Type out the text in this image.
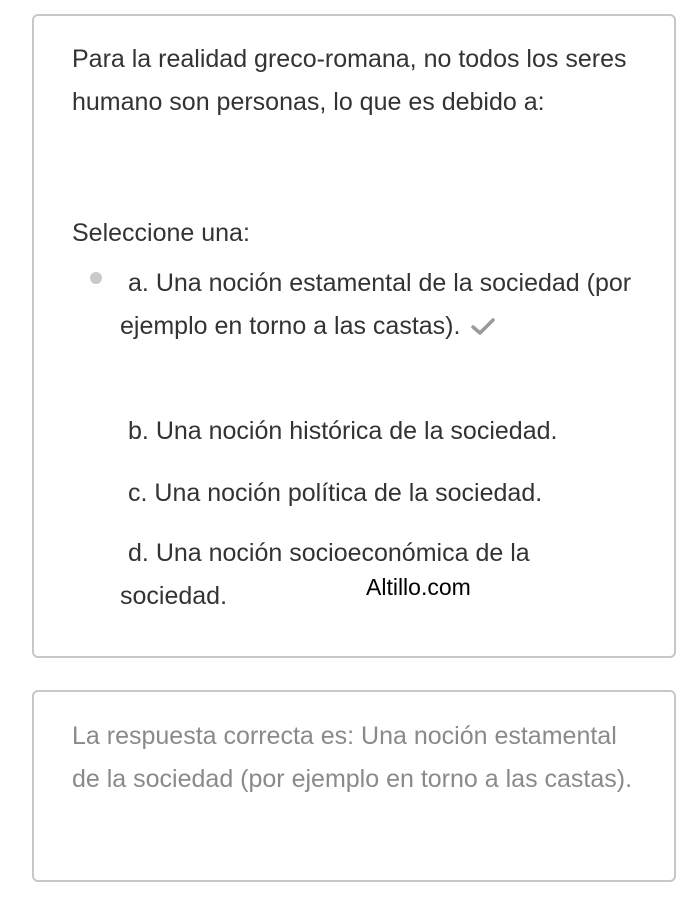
Para la realidad greco-romana, no todos los seres humano son personas, lo que es debido a:
Seleccione una:
a. Una noción estamental de la sociedad (por ejemplo en torno a las castas).
b. Una noción histórica de la sociedad.
c. Una noción política de la sociedad.
d. Una noción socioeconómica de la sociedad.	Altillo.com
La respuesta correcta es: Una noción estamental de la sociedad (por ejemplo en torno a las castas).
